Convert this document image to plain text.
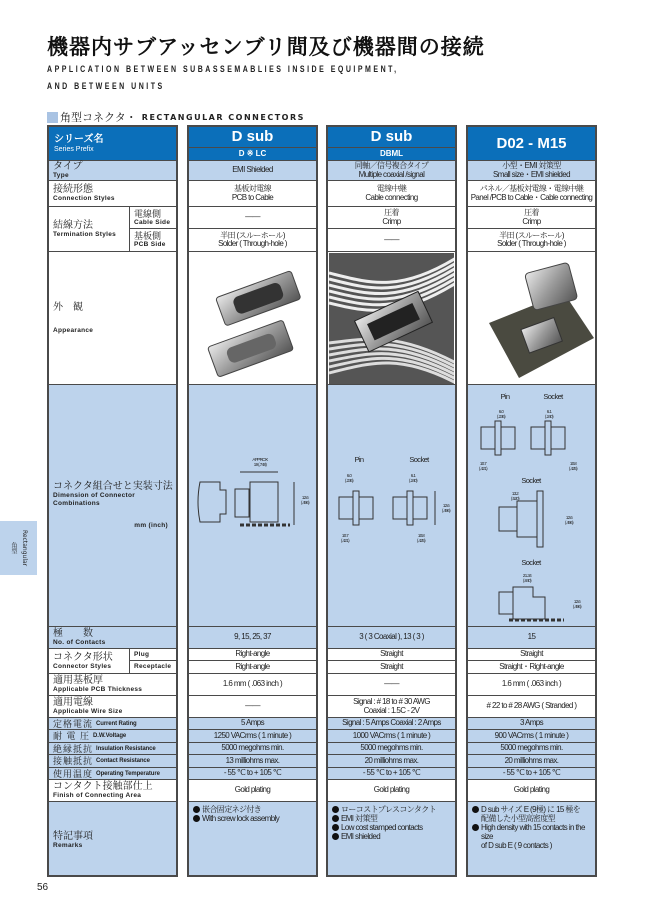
機器内サブアッセンブリ間及び機器間の接続
APPLICATION BETWEEN SUBASSEMABLIES INSIDE EQUIPMENT,
AND BETWEEN UNITS
角型コネクタ・ RECTANGULAR CONNECTORS
シリーズ名
Series Prefix
タイプ
Type
接続形態
Connection Styles
結線方法
Termination Styles
電線側
Cable Side
基板側
PCB Side
外　観
Appearance
コネクタ組合せと実装寸法
Dimension of Connector
Combinations
mm (inch)
極　　数
No. of Contacts
コネクタ形状
Connector Styles
Plug
Receptacle
適用基板厚
Applicable PCB Thickness
適用電線
Applicable Wire Size
定格電流 Current Rating
耐 電 圧 D.W.Voltage
絶縁抵抗 Insulation Resistance
接触抵抗 Contact Resistance
使用温度 Operating Temperature
コンタクト接触部仕上
Finish of Connecting Area
特記事項
Remarks
D sub
D ※ LC
EMI Shielded
基板対電線
PCB to Cable
——
半田 (スルーホール)
Solder ( Through-hole )
APPROX 19 (.748)
12.6 (.496)
9, 15, 25, 37
Right-angle
Right-angle
1.6 mm ( .063 inch )
——
5 Amps
1250 VACrms ( 1 minute )
5000 megohms min.
13 milliohms max.
- 55 ℃ to + 105 ℃
Gold plating
嵌合固定ネジ付き
With screw lock assembly
D sub
DBML
同軸／信号複合タイプ
Multiple coaxial /signal
電線中継
Cable connecting
圧着
Crimp
——
Pin	Socket
6.0 (.236)
6.1 (.240)
10.7 (.421)
10.8 (.425)
12.6 (.496)
3 ( 3 Coaxial ), 13 ( 3 )
Straight
Straight
——
Signal : # 18 to # 30 AWG
Coaxial : 1.5C - 2V
Signal : 5 Amps Coaxial : 2 Amps
1000 VACrms ( 1 minute )
5000 megohms min.
20 milliohms max.
- 55 ℃ to + 105 ℃
Gold plating
ローコストプレスコンタクト
EMI 対策型
Low cost stamped contacts
EMI shielded
D02 - M15
小型・EMI 対策型
Small size・EMI shielded
パネル／基板対電線・電線中継
Panel /PCB to Cable・Cable connecting
圧着
Crimp
半田 (スルーホール)
Solder ( Through-hole )
Pin	Socket
6.0 (.236)
6.1 (.240)
10.7 (.421)
10.8 (.425)
Socket
13.2 (.520)
12.6 (.496)
Socket
21.34 (.840)
12.6 (.496)
15
Straight
Straight・Right-angle
1.6 mm ( .063 inch )
# 22 to # 28 AWG ( Stranded )
3 Amps
900 VACrms ( 1 minute )
5000 megohms min.
20 milliohms max.
- 55 ℃ to + 105 ℃
Gold plating
D sub サイズ E (9極) に 15 極を
配備した小型高密度型
High density with 15 contacts in the size
of D sub E ( 9 contacts )
角型 Rectangular
56
